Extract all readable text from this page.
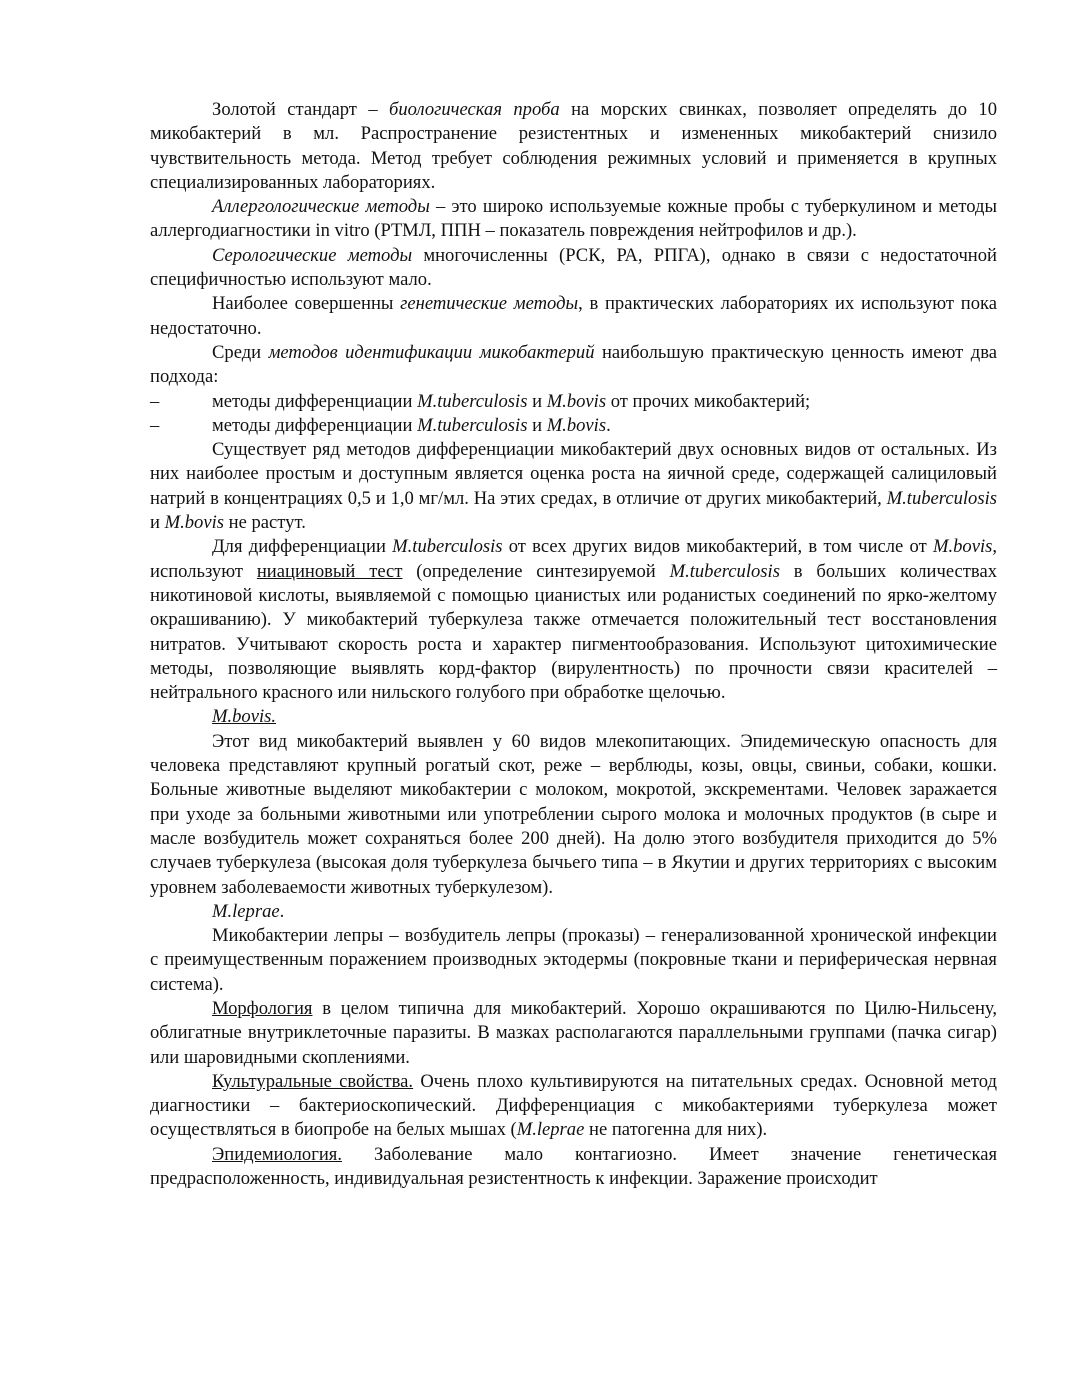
Золотой стандарт – биологическая проба на морских свинках, позволяет определять до 10 микобактерий в мл. Распространение резистентных и измененных микобактерий снизило чувствительность метода. Метод требует соблюдения режимных условий и применяется в крупных специализированных лабораториях.

Аллергологические методы – это широко используемые кожные пробы с туберкулином и методы аллергодиагностики in vitro (РТМЛ, ППН – показатель повреждения нейтрофилов и др.).

Серологические методы многочисленны (РСК, РА, РПГА), однако в связи с недостаточной специфичностью используют мало.

Наиболее совершенны генетические методы, в практических лабораториях их используют пока недостаточно.

Среди методов идентификации микобактерий наибольшую практическую ценность имеют два подхода:

–	методы дифференциации M.tuberculosis и M.bovis от прочих микобактерий;
–	методы дифференциации M.tuberculosis и M.bovis.

Существует ряд методов дифференциации микобактерий двух основных видов от остальных. Из них наиболее простым и доступным является оценка роста на яичной среде, содержащей салициловый натрий в концентрациях 0,5 и 1,0 мг/мл. На этих средах, в отличие от других микобактерий, M.tuberculosis и M.bovis не растут.

Для дифференциации M.tuberculosis от всех других видов микобактерий, в том числе от M.bovis, используют ниациновый тест (определение синтезируемой M.tuberculosis в больших количествах никотиновой кислоты, выявляемой с помощью цианистых или роданистых соединений по ярко-желтому окрашиванию). У микобактерий туберкулеза также отмечается положительный тест восстановления нитратов. Учитывают скорость роста и характер пигментообразования. Используют цитохимические методы, позволяющие выявлять корд-фактор (вирулентность) по прочности связи красителей – нейтрального красного или нильского голубого при обработке щелочью.

M.bovis.

Этот вид микобактерий выявлен у 60 видов млекопитающих. Эпидемическую опасность для человека представляют крупный рогатый скот, реже – верблюды, козы, овцы, свиньи, собаки, кошки. Больные животные выделяют микобактерии с молоком, мокротой, экскрементами. Человек заражается при уходе за больными животными или употреблении сырого молока и молочных продуктов (в сыре и масле возбудитель может сохраняться более 200 дней). На долю этого возбудителя приходится до 5% случаев туберкулеза (высокая доля туберкулеза бычьего типа – в Якутии и других территориях с высоким уровнем заболеваемости животных туберкулезом).

M.leprae.

Микобактерии лепры – возбудитель лепры (проказы) – генерализованной хронической инфекции с преимущественным поражением производных эктодермы (покровные ткани и периферическая нервная система).

Морфология в целом типична для микобактерий. Хорошо окрашиваются по Цилю-Нильсену, облигатные внутриклеточные паразиты. В мазках располагаются параллельными группами (пачка сигар) или шаровидными скоплениями.

Культуральные свойства. Очень плохо культивируются на питательных средах. Основной метод диагностики – бактериоскопический. Дифференциация с микобактериями туберкулеза может осуществляться в биопробе на белых мышах (M.leprae не патогенна для них).

Эпидемиология. Заболевание мало контагиозно. Имеет значение генетическая предрасположенность, индивидуальная резистентность к инфекции. Заражение происходит
